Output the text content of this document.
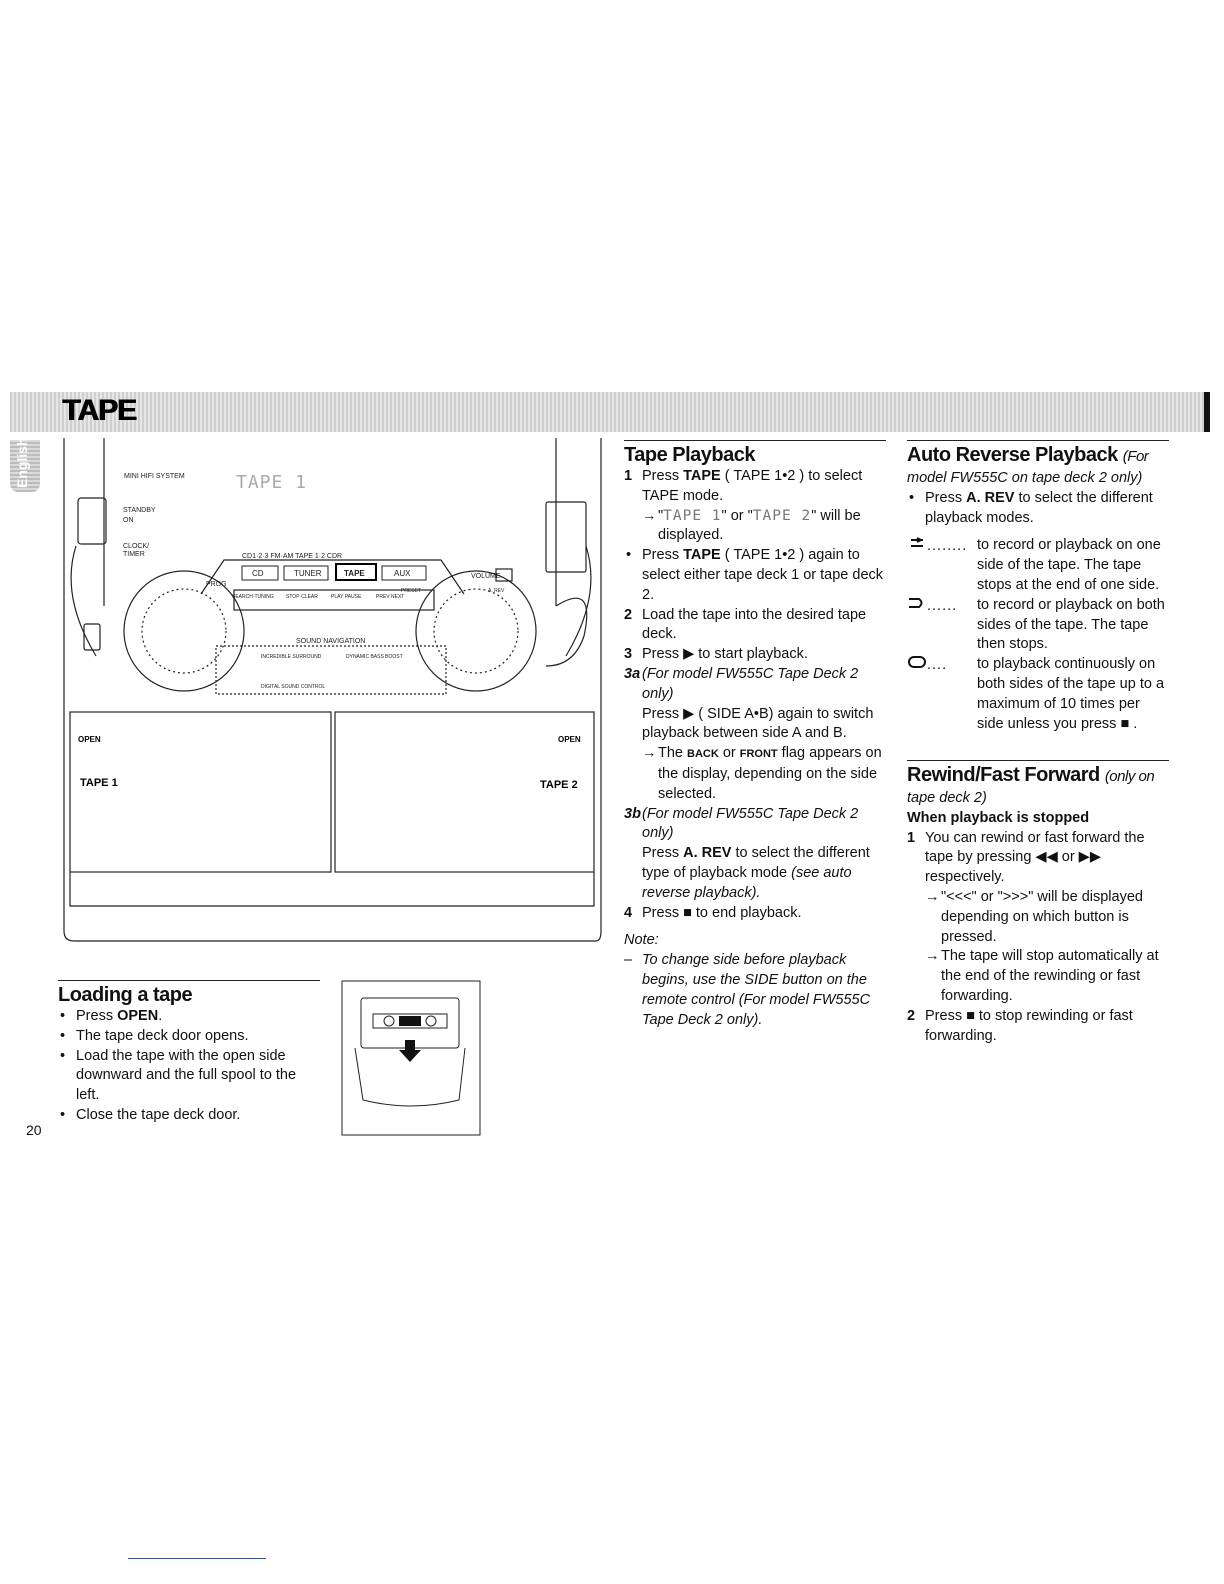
TAPE
English	MINI HIFI SYSTEM
STANDBY
ON
CLOCK/
TIMER	CD1·2·3 FM·AM TAPE 1·2 CDR
PROG
VOLUME
A. REV
SEARCH·TUNING STOP·CLEAR	PLAY PAUSE	PREV NEXT
PRESET
SOUND NAVIGATION
INCREDIBLE SURROUND	DYNAMIC BASS BOOST
DIGITAL SOUND CONTROL
TAPE 1
CD	TUNER	TAPE	AUX
OPEN	OPEN
TAPE 1	TAPE 2
Loading a tape
• Press OPEN.
• The tape deck door opens.
• Load the tape with the open side downward and the full spool to the left.
• Close the tape deck door.
Tape Playback
1 Press TAPE ( TAPE 1•2 ) to select TAPE mode.
→ "TAPE 1" or "TAPE 2" will be displayed.
• Press TAPE ( TAPE 1•2 ) again to select either tape deck 1 or tape deck 2.
2 Load the tape into the desired tape deck.
3 Press ▶ to start playback.
3a (For model FW555C Tape Deck 2 only)
Press ▶ ( SIDE A•B) again to switch playback between side A and B.
→ The BACK or FRONT flag appears on the display, depending on the side selected.
3b (For model FW555C Tape Deck 2 only)
Press A. REV to select the different type of playback mode (see auto reverse playback).
4 Press ■ to end playback.
Note:
– To change side before playback begins, use the SIDE button on the remote control (For model FW555C Tape Deck 2 only).
Auto Reverse Playback (For
model FW555C on tape deck 2 only)
• Press A. REV to select the different playback modes.
........ to record or playback on one side of the tape. The tape stops at the end of one side.
...... to record or playback on both sides of the tape. The tape then stops.
.... to playback continuously on both sides of the tape up to a maximum of 10 times per side unless you press ■ .
Rewind/Fast Forward (only on
tape deck 2)
When playback is stopped
1 You can rewind or fast forward the tape by pressing ◀◀ or ▶▶ respectively.
→ "<<<" or ">>>" will be displayed depending on which button is pressed.
→ The tape will stop automatically at the end of the rewinding or fast forwarding.
2 Press ■ to stop rewinding or fast forwarding.
20
